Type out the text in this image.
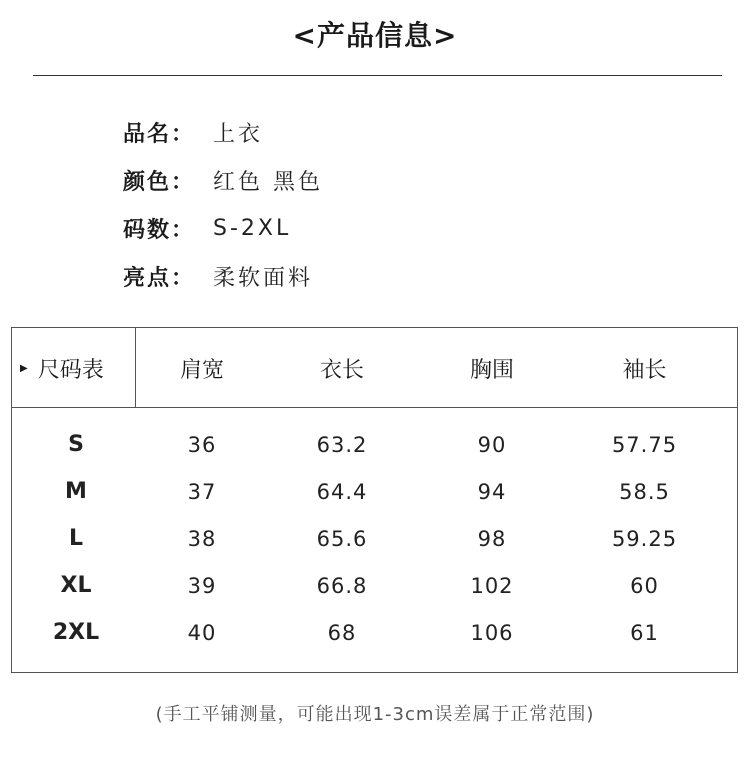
<产品信息>
品名： 上衣
颜色： 红色 黑色
码数： S-2XL
亮点： 柔软面料
▶ 尺码表	肩宽	衣长	胸围	袖长
S	36	63.2	90	57.75
M	37	64.4	94	58.5
L	38	65.6	98	59.25
XL	39	66.8	102	60
2XL	40	68	106	61
(手工平铺测量，可能出现1-3cm误差属于正常范围)
